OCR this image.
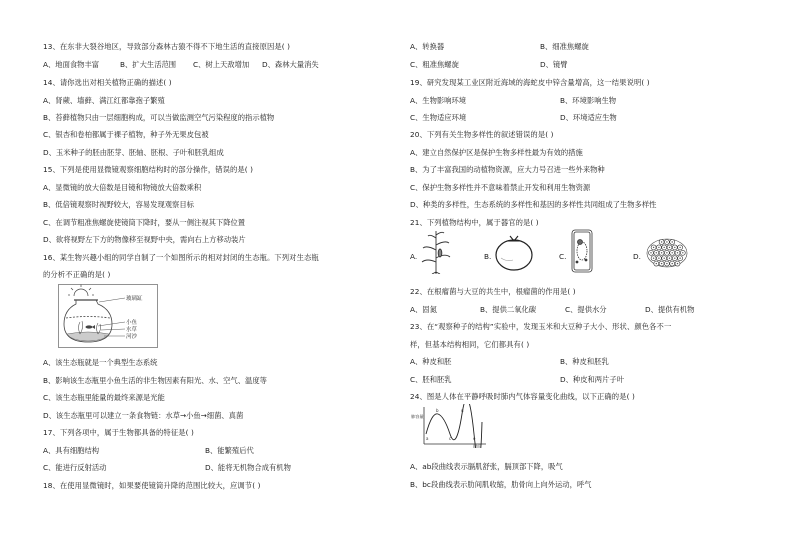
13、在东非大裂谷地区，导致部分森林古猿不得不下地生活的直接原因是( )
A、地面食物丰富	B、扩大生活范围 C、树上天敌增加 D、森林大量消失
14、请你选出对相关植物正确的描述( )
A、肾蕨、墙藓、满江红都靠孢子繁殖
B、苔藓植物只由一层细胞构成，可以当做监测空气污染程度的指示植物
C、银杏和卷柏都属于裸子植物，种子外无果皮包被
D、玉米种子的胚由胚芽、胚轴、胚根、子叶和胚乳组成
15、下列是使用显微镜观察细胞结构时的部分操作，错误的是( )
A、显微镜的放大倍数是目镜和物镜放大倍数乘积
B、低倍镜观察时视野较大，容易发现观察目标
C、在调节粗准焦螺旋使镜筒下降时，要从一侧注视其下降位置
D、欲将视野左下方的物像移至视野中央，需向右上方移动装片
16、某生物兴趣小组的同学自制了一个如图所示的相对封闭的生态瓶。下列对生态瓶
的分析不正确的是( )
玻璃缸
小鱼
水草
河沙
A、该生态瓶就是一个典型生态系统
B、影响该生态瓶里小鱼生活的非生物因素有阳光、水、空气、温度等
C、该生态瓶里能量的最终来源是光能
D、该生态瓶里可以建立一条食物链：水草→小鱼→细菌、真菌
17、下列各项中，属于生物都具备的特征是( )
A、具有细胞结构	B、能繁殖后代
C、能进行反射活动	D、能将无机物合成有机物
18、在使用显微镜时，如果要使镜筒升降的范围比较大，应调节( )
A、转换器	B、细准焦螺旋
C、粗准焦螺旋	D、镜臂
19、研究发现某工业区附近海域的海蛇皮中锌含量增高，这一结果说明( )
A、生物影响环境	B、环境影响生物
C、生物适应环境	D、环境适应生物
20、下列有关生物多样性的叙述错误的是( )
A、建立自然保护区是保护生物多样性最为有效的措施
B、为了丰富我国的动植物资源，应大力号召进一些外来物种
C、保护生物多样性并不意味着禁止开发和利用生物资源
D、种类的多样性，生态系统的多样性和基因的多样性共同组成了生物多样性
21、下列植物结构中，属于器官的是( )
A.	B.	C.	D.
22、在根瘤菌与大豆的共生中，根瘤菌的作用是( )
A、固氮	B、提供二氧化碳	C、提供水分	D、提供有机物
23、在“观察种子的结构”实验中，发现玉米和大豆种子大小、形状、颜色各不一
样，但基本结构相同，它们都具有( )
A、种皮和胚	B、种皮和胚乳
C、胚和胚乳	D、种皮和两片子叶
24、图是人体在平静呼吸时肺内气体容量变化曲线，以下正确的是( )
肺容量
时间
a
b
c
d
e
A、ab段曲线表示膈肌舒张，膈顶部下降，吸气
B、bc段曲线表示肋间肌收缩，肋骨向上向外运动，呼气
